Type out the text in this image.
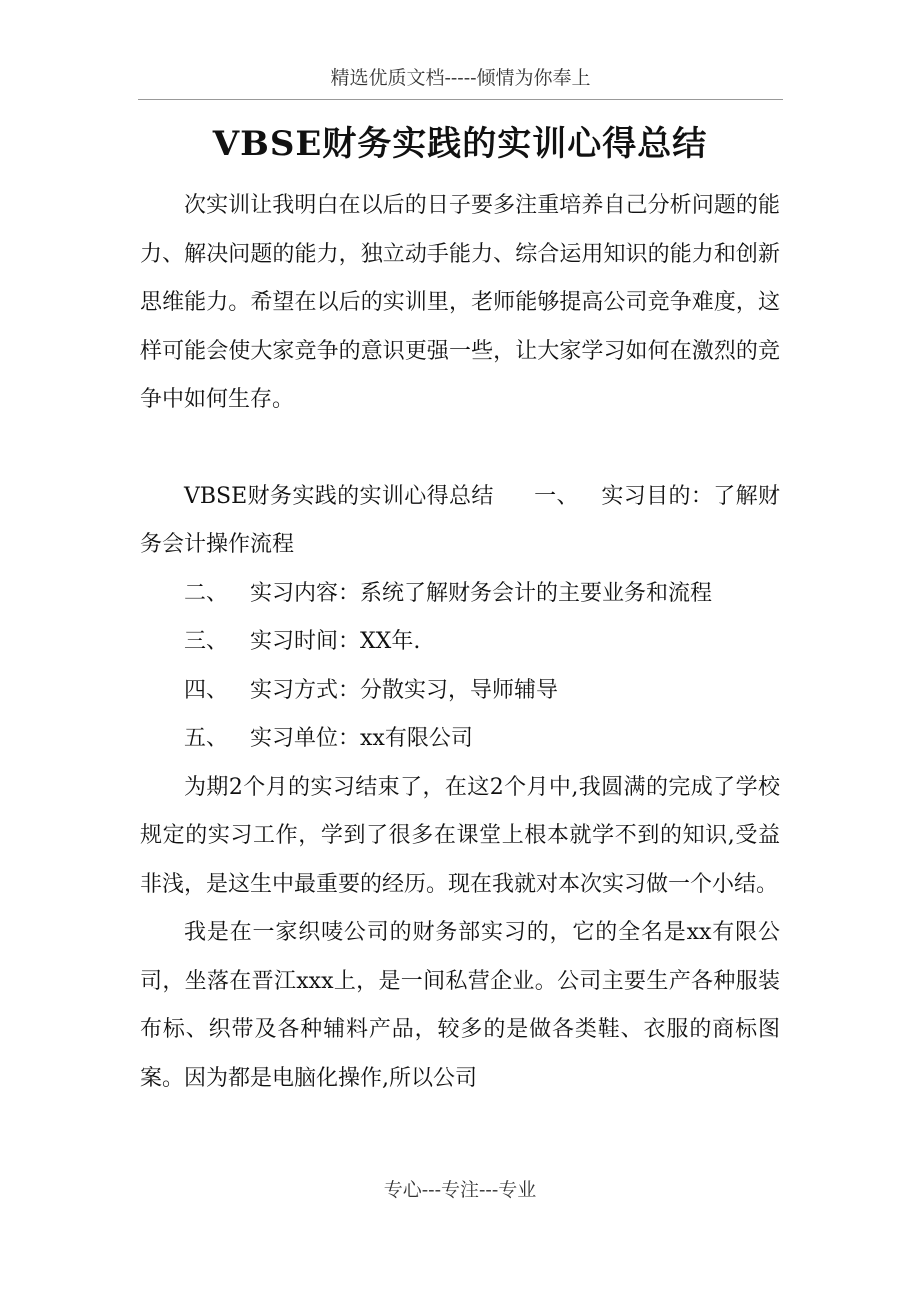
精选优质文档-----倾情为你奉上
VBSE财务实践的实训心得总结

次实训让我明白在以后的日子要多注重培养自己分析问题的能力、解决问题的能力，独立动手能力、综合运用知识的能力和创新思维能力。希望在以后的实训里，老师能够提高公司竞争难度，这样可能会使大家竞争的意识更强一些，让大家学习如何在激烈的竞争中如何生存。

VBSE财务实践的实训心得总结 一、 实习目的：了解财务会计操作流程

二、 实习内容：系统了解财务会计的主要业务和流程

三、 实习时间：XX年.

四、 实习方式：分散实习，导师辅导

五、 实习单位：xx有限公司

为期2个月的实习结束了，在这2个月中,我圆满的完成了学校规定的实习工作，学到了很多在课堂上根本就学不到的知识,受益非浅，是这生中最重要的经历。现在我就对本次实习做一个小结。

我是在一家织唛公司的财务部实习的，它的全名是xx有限公司，坐落在晋江xxx上，是一间私营企业。公司主要生产各种服装布标、织带及各种辅料产品，较多的是做各类鞋、衣服的商标图案。因为都是电脑化操作,所以公司

专心---专注---专业
